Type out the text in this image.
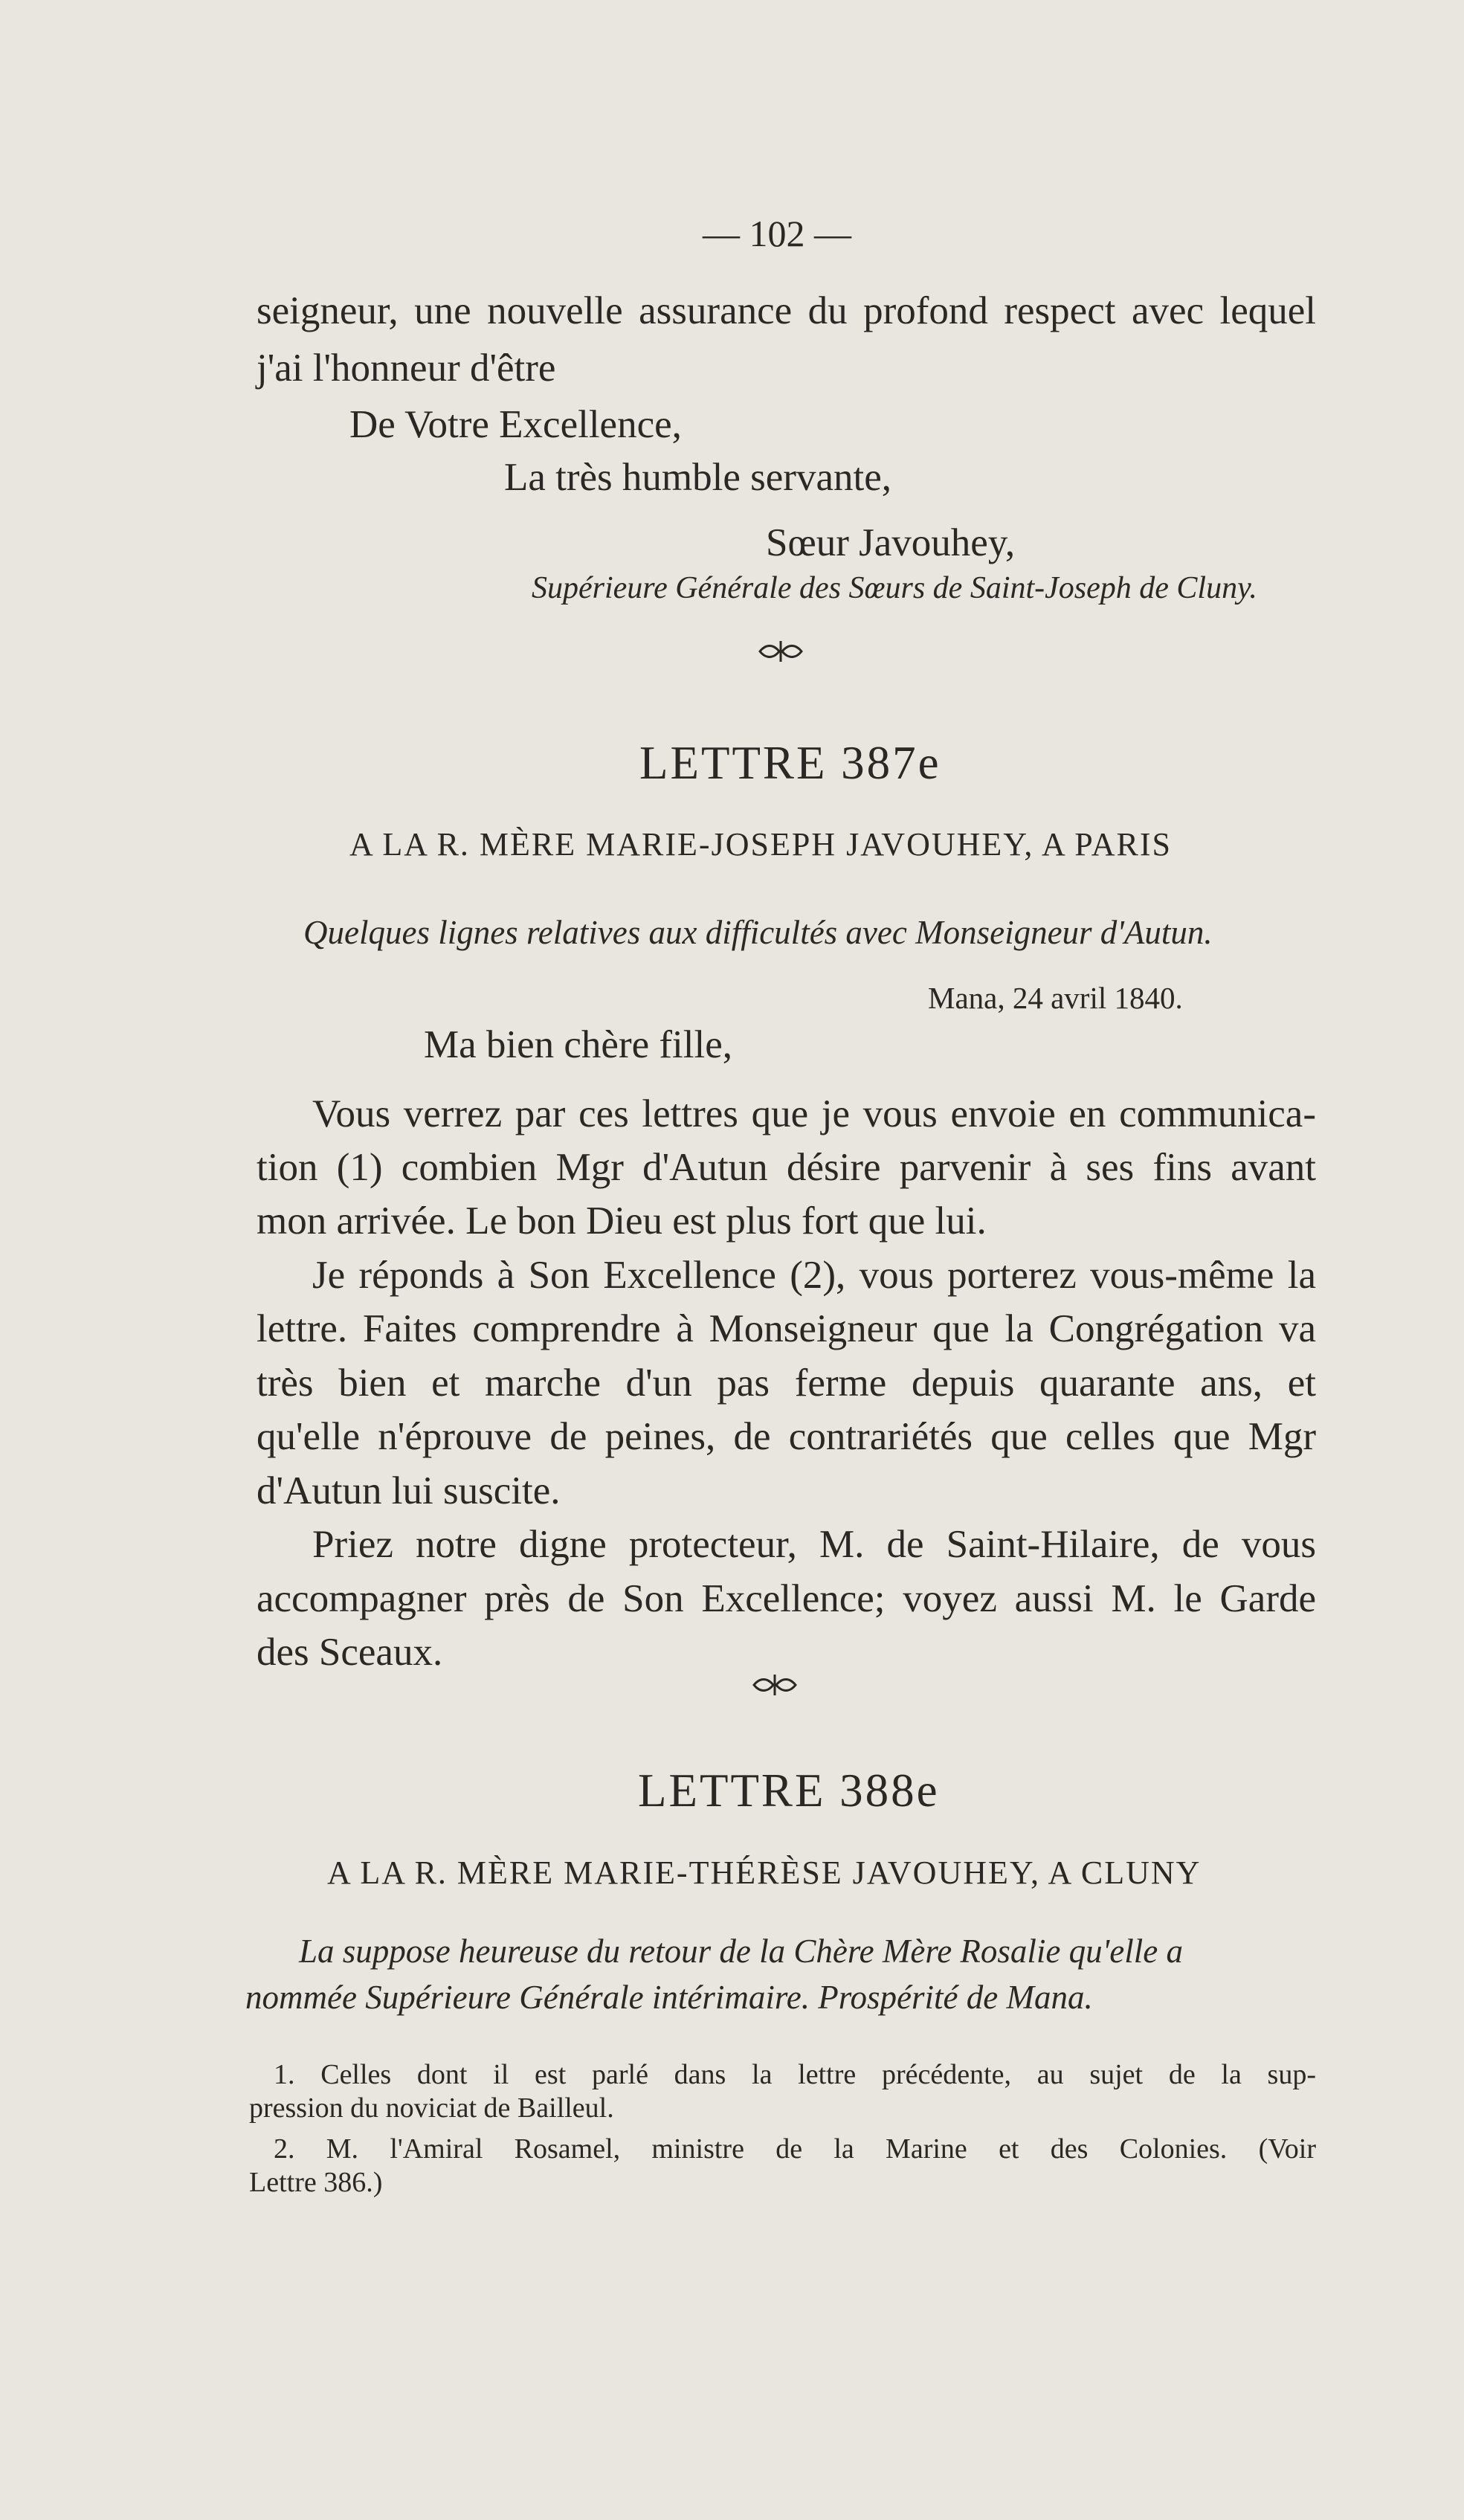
— 102 —
seigneur, une nouvelle assurance du profond respect avec lequel
j'ai l'honneur d'être
De Votre Excellence,
La très humble servante,
Sœur Javouhey,
Supérieure Générale des Sœurs de Saint-Joseph de Cluny.
LETTRE 387e
A LA R. MÈRE MARIE-JOSEPH JAVOUHEY, A PARIS
Quelques lignes relatives aux difficultés avec Monseigneur d'Autun.
Mana, 24 avril 1840.
Ma bien chère fille,
Vous verrez par ces lettres que je vous envoie en communica-
tion (1) combien Mgr d'Autun désire parvenir à ses fins avant
mon arrivée. Le bon Dieu est plus fort que lui.
Je réponds à Son Excellence (2), vous porterez vous-même la
lettre. Faites comprendre à Monseigneur que la Congrégation va
très bien et marche d'un pas ferme depuis quarante ans, et
qu'elle n'éprouve de peines, de contrariétés que celles que Mgr
d'Autun lui suscite.
Priez notre digne protecteur, M. de Saint-Hilaire, de vous
accompagner près de Son Excellence; voyez aussi M. le Garde
des Sceaux.
LETTRE 388e
A LA R. MÈRE MARIE-THÉRÈSE JAVOUHEY, A CLUNY
La suppose heureuse du retour de la Chère Mère Rosalie qu'elle a
nommée Supérieure Générale intérimaire. Prospérité de Mana.
1. Celles dont il est parlé dans la lettre précédente, au sujet de la sup-
pression du noviciat de Bailleul.
2. M. l'Amiral Rosamel, ministre de la Marine et des Colonies. (Voir
Lettre 386.)
